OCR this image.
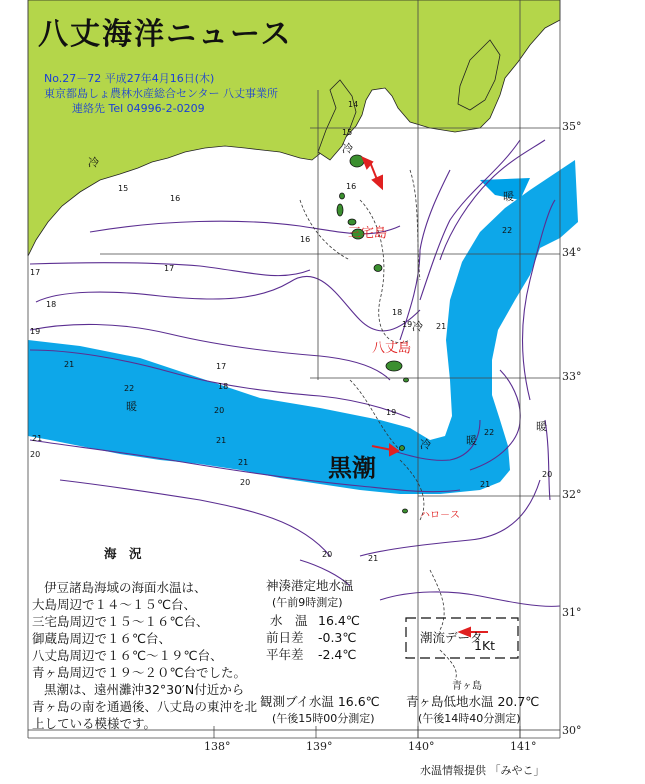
八丈海洋ニュース
No.27－72 平成27年4月16日(木)
東京都島しょ農林水産総合センター 八丈事業所
連絡先 Tel 04996-2-0209
黒潮
三宅島
八丈島
青ヶ島
ハロ－ス
冷
冷
冷
冷
暖
暖
暖
暖
14
15
15
16
16
16
17
17
17
18
18
18
19
19
19
20
20
20
20
21
21
21
21
21
22
22
22
21
20
21
35°
34°
33°
32°
31°
30°
138°	139°	140°	141°
海　況
伊豆諸島海域の海面水温は、
大島周辺で１４～１５℃台、
三宅島周辺で１５～１６℃台、
御蔵島周辺で１６℃台、
八丈島周辺で１６℃～１９℃台、
青ヶ島周辺で１９～２０℃台でした。
黒潮は、遠州灘沖32°30′N付近から
青ヶ島の南を通過後、八丈島の東沖を北
上している模様です。
神湊港定地水温
(午前9時測定)
水　温 16.4℃
前日差 -0.3℃
平年差 -2.4℃
観測ブイ水温 16.6℃
(午後15時00分測定)
青ヶ島低地水温 20.7℃
(午後14時40分測定)
潮流データ
1Kt
水温情報提供 「みやこ」
